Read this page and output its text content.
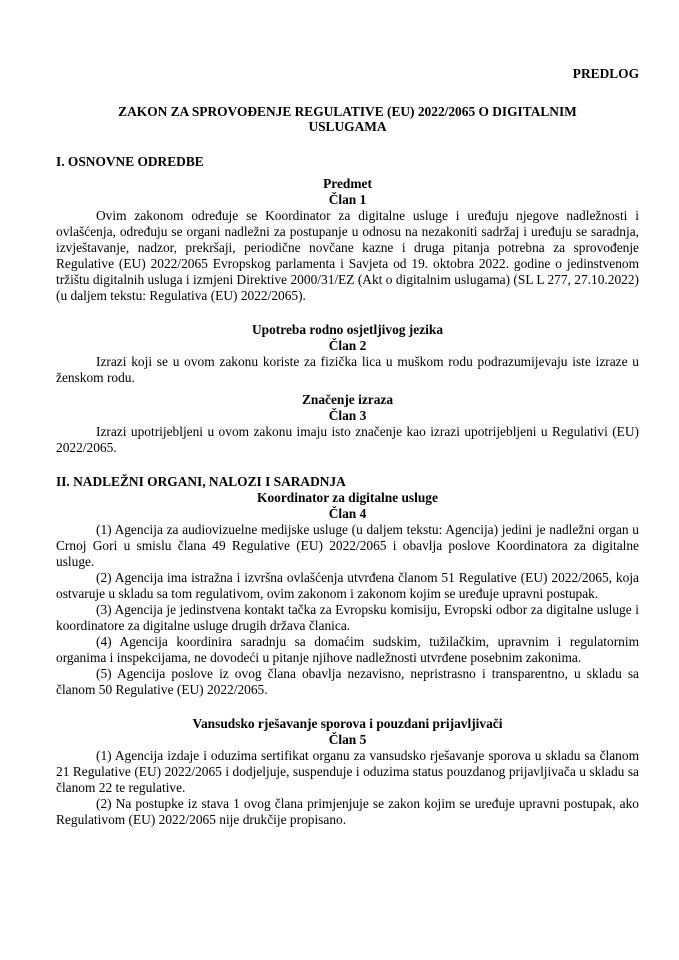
PREDLOG
ZAKON ZA SPROVOĐENJE REGULATIVE (EU) 2022/2065 O DIGITALNIM USLUGAMA
I. OSNOVNE ODREDBE
Predmet
Član 1
Ovim zakonom određuje se Koordinator za digitalne usluge i uređuju njegove nadležnosti i ovlašćenja, određuju se organi nadležni za postupanje u odnosu na nezakoniti sadržaj i uređuju se saradnja, izvještavanje, nadzor, prekršaji, periodične novčane kazne i druga pitanja potrebna za sprovođenje Regulative (EU) 2022/2065 Evropskog parlamenta i Savjeta od 19. oktobra 2022. godine o jedinstvenom tržištu digitalnih usluga i izmjeni Direktive 2000/31/EZ (Akt o digitalnim uslugama) (SL L 277, 27.10.2022) (u daljem tekstu: Regulativa (EU) 2022/2065).
Upotreba rodno osjetljivog jezika
Član 2
Izrazi koji se u ovom zakonu koriste za fizička lica u muškom rodu podrazumijevaju iste izraze u ženskom rodu.
Značenje izraza
Član 3
Izrazi upotrijebljeni u ovom zakonu imaju isto značenje kao izrazi upotrijebljeni u Regulativi (EU) 2022/2065.
II. NADLEŽNI ORGANI, NALOZI I SARADNJA
Koordinator za digitalne usluge
Član 4
(1) Agencija za audiovizuelne medijske usluge (u daljem tekstu: Agencija) jedini je nadležni organ u Crnoj Gori u smislu člana 49 Regulative (EU) 2022/2065 i obavlja poslove Koordinatora za digitalne usluge.
(2) Agencija ima istražna i izvršna ovlašćenja utvrđena članom 51 Regulative (EU) 2022/2065, koja ostvaruje u skladu sa tom regulativom, ovim zakonom i zakonom kojim se uređuje upravni postupak.
(3) Agencija je jedinstvena kontakt tačka za Evropsku komisiju, Evropski odbor za digitalne usluge i koordinatore za digitalne usluge drugih država članica.
(4) Agencija koordinira saradnju sa domaćim sudskim, tužilačkim, upravnim i regulatornim organima i inspekcijama, ne dovodeći u pitanje njihove nadležnosti utvrđene posebnim zakonima.
(5) Agencija poslove iz ovog člana obavlja nezavisno, nepristrasno i transparentno, u skladu sa članom 50 Regulative (EU) 2022/2065.
Vansudsko rješavanje sporova i pouzdani prijavljivači
Član 5
(1) Agencija izdaje i oduzima sertifikat organu za vansudsko rješavanje sporova u skladu sa članom 21 Regulative (EU) 2022/2065 i dodjeljuje, suspenduje i oduzima status pouzdanog prijavljivača u skladu sa članom 22 te regulative.
(2) Na postupke iz stava 1 ovog člana primjenjuje se zakon kojim se uređuje upravni postupak, ako Regulativom (EU) 2022/2065 nije drukčije propisano.
